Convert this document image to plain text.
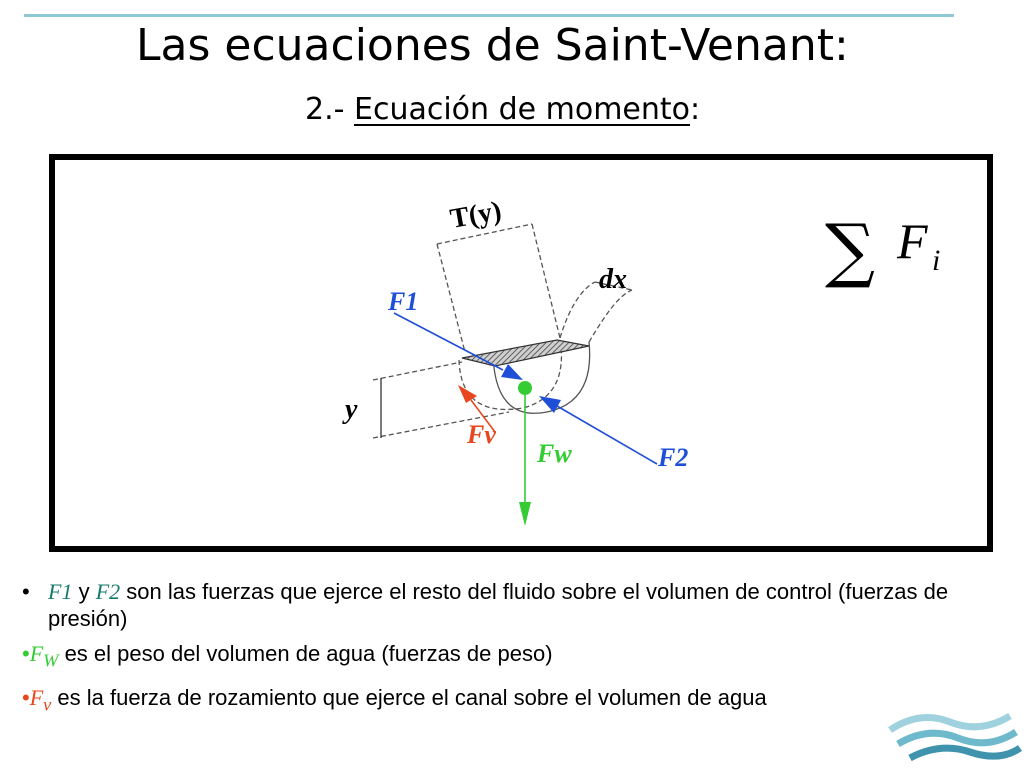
Las ecuaciones de Saint-Venant:
2.- Ecuación de momento:
∑ F i
T(y)
dx
y
F1
F2
Fv
Fw
• F1 y F2 son las fuerzas que ejerce el resto del fluido sobre el volumen de control (fuerzas de presión)
$•F_W$ es el peso del volumen de agua (fuerzas de peso)
$•F_v$ es la fuerza de rozamiento que ejerce el canal sobre el volumen de agua
